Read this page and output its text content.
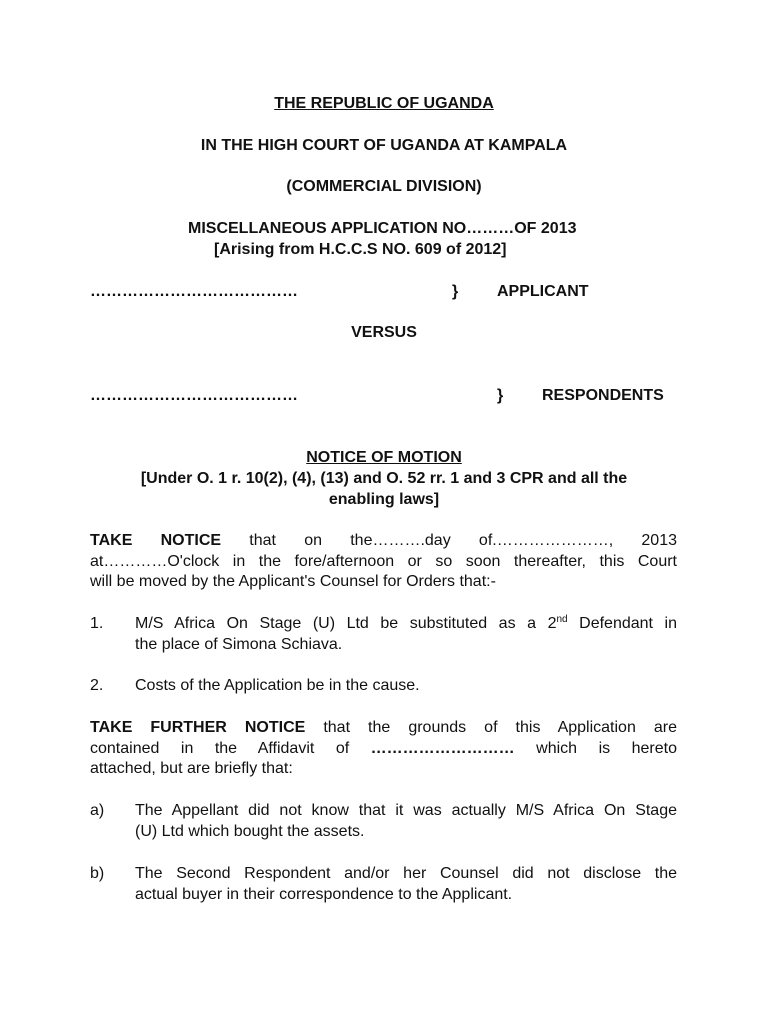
THE REPUBLIC OF UGANDA
IN THE HIGH COURT OF UGANDA AT KAMPALA
(COMMERCIAL DIVISION)
MISCELLANEOUS APPLICATION NO………OF 2013
[Arising from H.C.C.S NO. 609 of 2012]
…………………………………	} APPLICANT
VERSUS
…………………………………	} RESPONDENTS
NOTICE OF MOTION
[Under O. 1 r. 10(2), (4), (13) and O. 52 rr. 1 and 3 CPR and all the
enabling laws]
TAKE NOTICE that on the……….day of.…………………, 2013
at…………O'clock in the fore/afternoon or so soon thereafter, this Court
will be moved by the Applicant's Counsel for Orders that:-
1. M/S Africa On Stage (U) Ltd be substituted as a 2nd Defendant in
the place of Simona Schiava.
2. Costs of the Application be in the cause.
TAKE FURTHER NOTICE that the grounds of this Application are
contained in the Affidavit of ……………………… which is hereto
attached, but are briefly that:
a) The Appellant did not know that it was actually M/S Africa On Stage
(U) Ltd which bought the assets.
b) The Second Respondent and/or her Counsel did not disclose the
actual buyer in their correspondence to the Applicant.
